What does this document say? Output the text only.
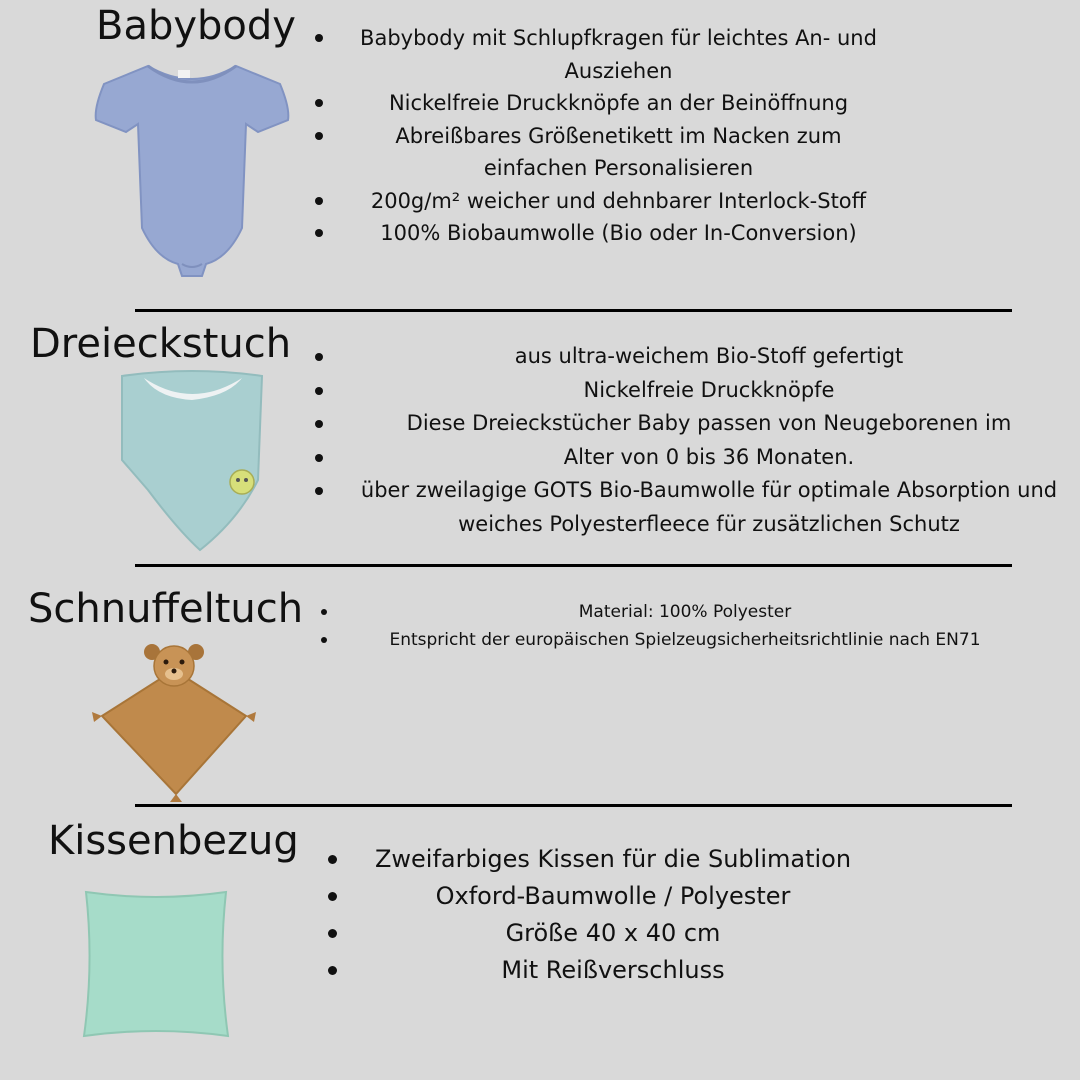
Babybody	Babybody mit Schlupfkragen für leichtes An- und Ausziehen
Nickelfreie Druckknöpfe an der Beinöffnung
Abreißbares Größenetikett im Nacken zum einfachen Personalisieren
200g/m² weicher und dehnbarer Interlock-Stoff
100% Biobaumwolle (Bio oder In-Conversion)
Dreieckstuch	aus ultra-weichem Bio-Stoff gefertigt
Nickelfreie Druckknöpfe
Diese Dreieckstücher Baby passen von Neugeborenen im
Alter von 0 bis 36 Monaten.
über zweilagige GOTS Bio-Baumwolle für optimale Absorption und weiches Polyesterfleece für zusätzlichen Schutz
Schnuffeltuch	Material: 100% Polyester
Entspricht der europäischen Spielzeugsicherheitsrichtlinie nach EN71
Kissenbezug	Zweifarbiges Kissen für die Sublimation
Oxford-Baumwolle / Polyester
Größe 40 x 40 cm
Mit Reißverschluss
